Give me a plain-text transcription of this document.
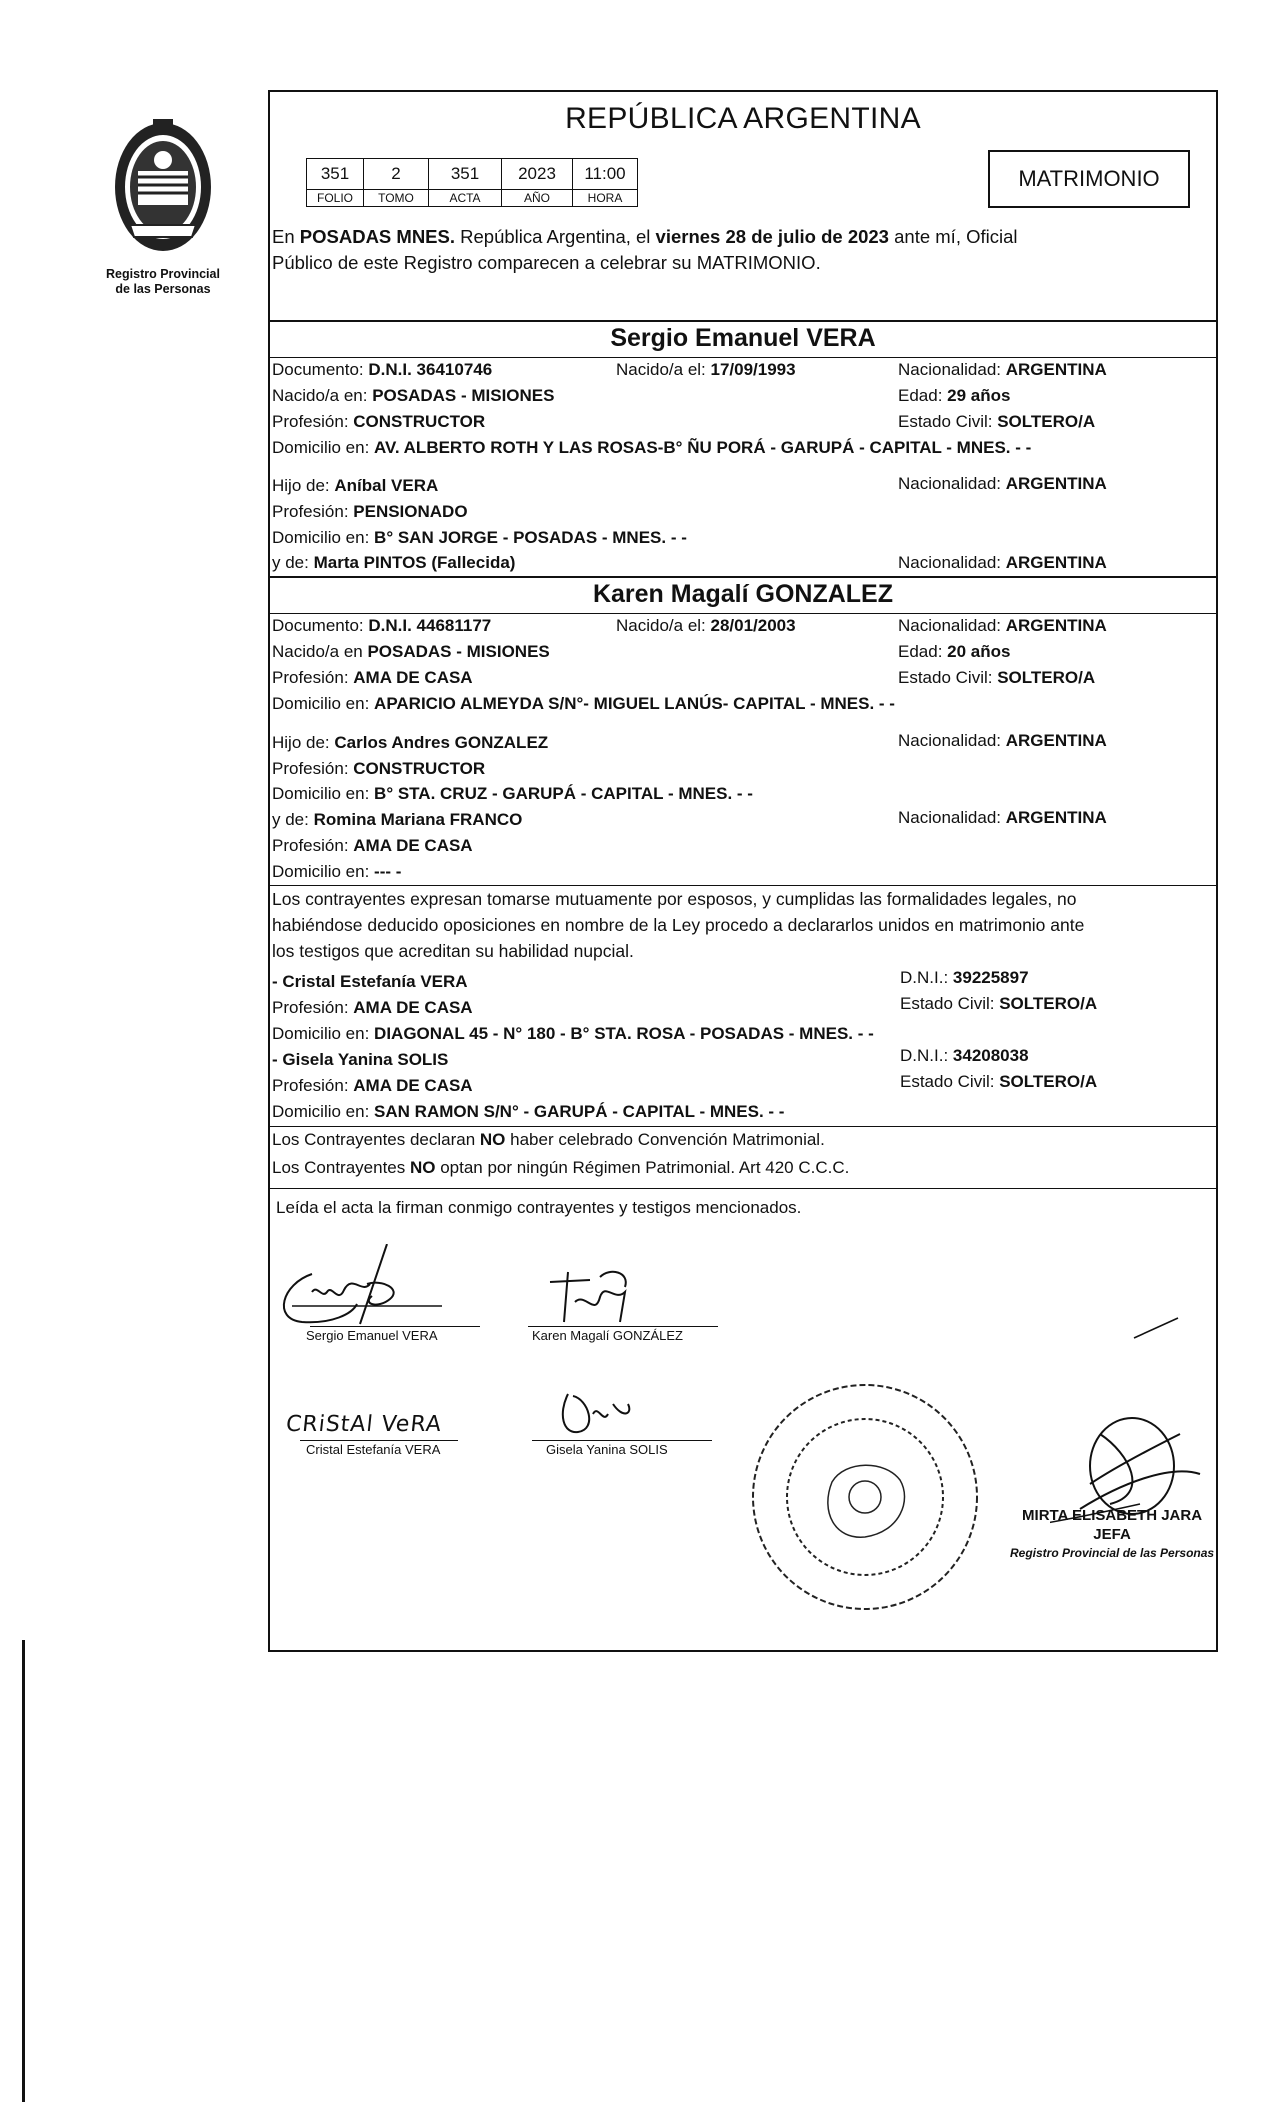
Registro Provincial
de las Personas
REPÚBLICA ARGENTINA
351	2	351	2023	11:00
FOLIO	TOMO	ACTA	AÑO	HORA
MATRIMONIO
En POSADAS MNES. República Argentina, el viernes 28 de julio de 2023 ante mí, Oficial
Público de este Registro comparecen a celebrar su MATRIMONIO.
Sergio Emanuel VERA
Documento: D.N.I. 36410746	Nacido/a el: 17/09/1993	Nacionalidad: ARGENTINA
Nacido/a en: POSADAS - MISIONES	Edad: 29 años
Profesión: CONSTRUCTOR	Estado Civil: SOLTERO/A
Domicilio en: AV. ALBERTO ROTH Y LAS ROSAS-B° ÑU PORÁ - GARUPÁ - CAPITAL - MNES. - -
Hijo de: Aníbal VERA	Nacionalidad: ARGENTINA
Profesión: PENSIONADO
Domicilio en: B° SAN JORGE - POSADAS - MNES. - -
y de: Marta PINTOS (Fallecida)	Nacionalidad: ARGENTINA
Karen Magalí GONZALEZ
Documento: D.N.I. 44681177	Nacido/a el: 28/01/2003	Nacionalidad: ARGENTINA
Nacido/a en POSADAS - MISIONES	Edad: 20 años
Profesión: AMA DE CASA	Estado Civil: SOLTERO/A
Domicilio en: APARICIO ALMEYDA S/N°- MIGUEL LANÚS- CAPITAL - MNES. - -
Hijo de: Carlos Andres GONZALEZ	Nacionalidad: ARGENTINA
Profesión: CONSTRUCTOR
Domicilio en: B° STA. CRUZ - GARUPÁ - CAPITAL - MNES. - -
y de: Romina Mariana FRANCO	Nacionalidad: ARGENTINA
Profesión: AMA DE CASA
Domicilio en: --- -
Los contrayentes expresan tomarse mutuamente por esposos, y cumplidas las formalidades legales, no
habiéndose deducido oposiciones en nombre de la Ley procedo a declararlos unidos en matrimonio ante
los testigos que acreditan su habilidad nupcial.
- Cristal Estefanía VERA	D.N.I.: 39225897
Profesión: AMA DE CASA	Estado Civil: SOLTERO/A
Domicilio en: DIAGONAL 45 - N° 180 - B° STA. ROSA - POSADAS - MNES. - -
- Gisela Yanina SOLIS	D.N.I.: 34208038
Profesión: AMA DE CASA	Estado Civil: SOLTERO/A
Domicilio en: SAN RAMON S/N° - GARUPÁ - CAPITAL - MNES. - -
Los Contrayentes declaran NO haber celebrado Convención Matrimonial.
Los Contrayentes NO optan por ningún Régimen Patrimonial. Art 420 C.C.C.
Leída el acta la firman conmigo contrayentes y testigos mencionados.
Sergio Emanuel VERA	Karen Magalí GONZÁLEZ
CRiStAl VeRA
Cristal Estefanía VERA	Gisela Yanina SOLIS
MIRTA ELISABETH JARA
JEFA
Registro Provincial de las Personas
